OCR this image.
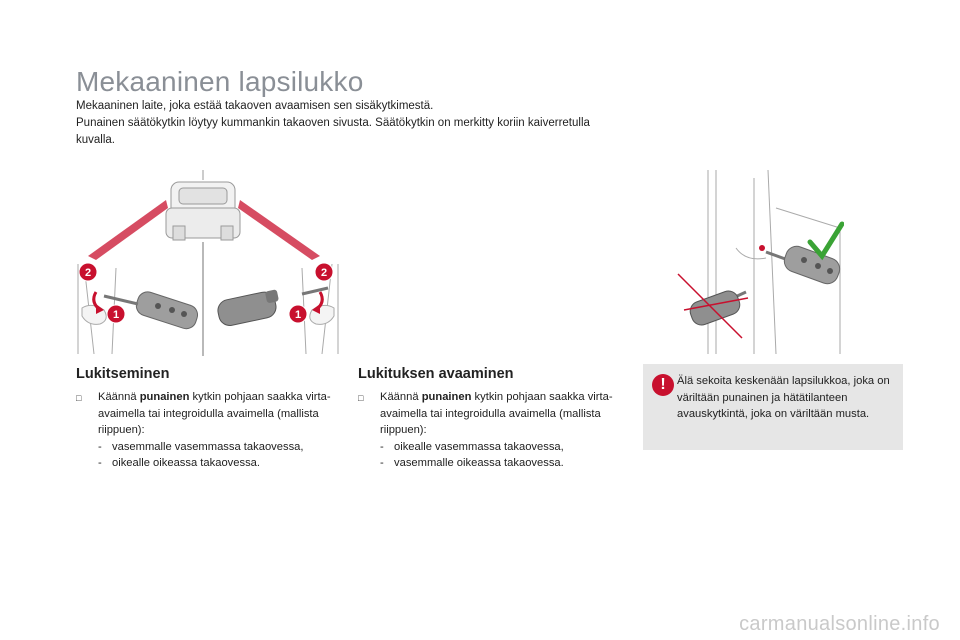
Mekaaninen lapsilukko

Mekaaninen laite, joka estää takaoven avaamisen sen sisäkytkimestä.

Punainen säätökytkin löytyy kummankin takaoven sivusta. Säätökytkin on merkitty koriin kaiverretulla kuvalla.

2
1
2
1
Lukitseminen
□	Käännä punainen kytkin pohjaan saakka virta-avaimella tai integroidulla avaimella (mallista riippuen):
- vasemmalle vasemmassa takaovessa,
- oikealle oikeassa takaovessa.
Lukituksen avaaminen
□	Käännä punainen kytkin pohjaan saakka virta-avaimella tai integroidulla avaimella (mallista riippuen):
- oikealle vasemmassa takaovessa,
- vasemmalle oikeassa takaovessa.
!	Älä sekoita keskenään lapsilukkoa, joka on väriltään punainen ja hätätilanteen avauskytkintä, joka on väriltään musta.
carmanualsonline.info
